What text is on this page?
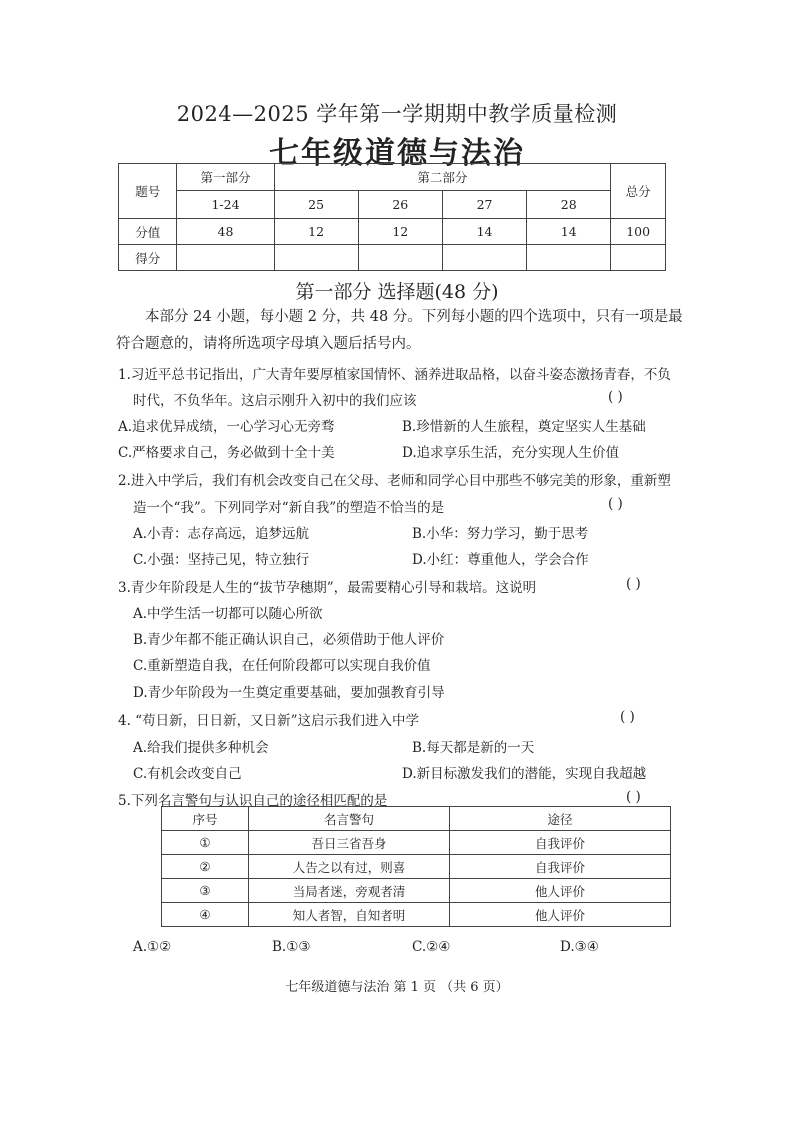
2024—2025 学年第一学期期中教学质量检测
七年级道德与法治
题号	第一部分	第二部分				总分
	1-24	25	26	27	28	
分值	48	12	12	14	14	100
得分						
第一部分 选择题(48 分)
本部分 24 小题，每小题 2 分，共 48 分。下列每小题的四个选项中，只有一项是最
符合题意的，请将所选项字母填入题后括号内。
1.习近平总书记指出，广大青年要厚植家国情怀、涵养进取品格，以奋斗姿态激扬青春，不负
时代，不负华年。这启示刚升入初中的我们应该	( )
A.追求优异成绩，一心学习心无旁骛	B.珍惜新的人生旅程，奠定坚实人生基础
C.严格要求自己，务必做到十全十美	D.追求享乐生活，充分实现人生价值
2.进入中学后，我们有机会改变自己在父母、老师和同学心目中那些不够完美的形象，重新塑
造一个“我”。下列同学对“新自我”的塑造不恰当的是	( )
A.小青：志存高远，追梦远航	B.小华：努力学习，勤于思考
C.小强：坚持己见，特立独行	D.小红：尊重他人，学会合作
3.青少年阶段是人生的“拔节孕穗期”，最需要精心引导和栽培。这说明	( )
A.中学生活一切都可以随心所欲
B.青少年都不能正确认识自己，必须借助于他人评价
C.重新塑造自我，在任何阶段都可以实现自我价值
D.青少年阶段为一生奠定重要基础，要加强教育引导
4. “苟日新，日日新，又日新”这启示我们进入中学	( )
A.给我们提供多种机会	B.每天都是新的一天
C.有机会改变自己	D.新目标激发我们的潜能，实现自我超越
5.下列名言警句与认识自己的途径相匹配的是	( )
序号	名言警句	途径
①	吾日三省吾身	自我评价
②	人告之以有过，则喜	自我评价
③	当局者迷，旁观者清	他人评价
④	知人者智，自知者明	他人评价
A.①②	B.①③	C.②④	D.③④
七年级道德与法治 第 1 页 （共 6 页）
